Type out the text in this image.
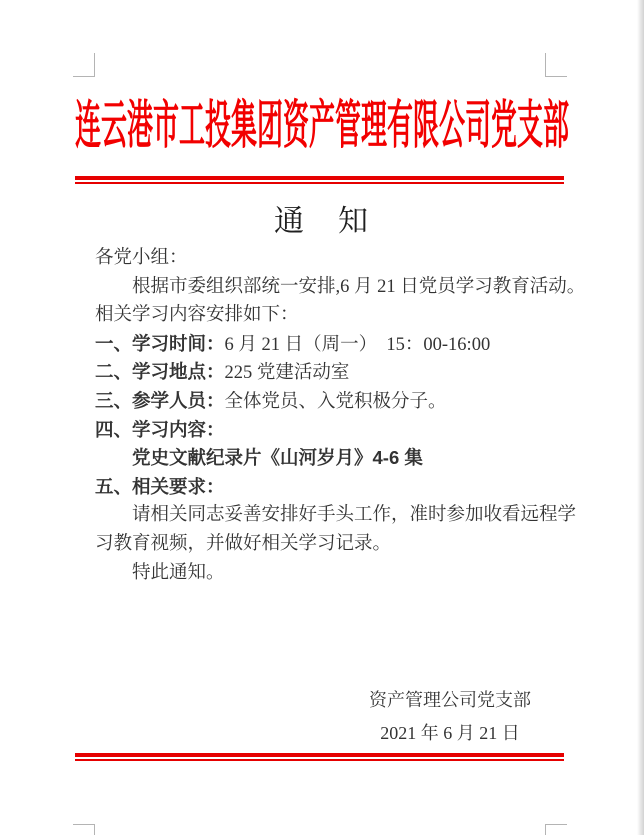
连云港市工投集团资产管理有限公司党支部
通　知
各党小组：
根据市委组织部统一安排,6 月 21 日党员学习教育活动。
相关学习内容安排如下：
一、学习时间：6 月 21 日（周一）　15：00-16:00
二、学习地点：225 党建活动室
三、参学人员：全体党员、入党积极分子。
四、学习内容：
党史文献纪录片《山河岁月》4-6 集
五、相关要求：
请相关同志妥善安排好手头工作，准时参加收看远程学
习教育视频，并做好相关学习记录。
特此通知。
资产管理公司党支部
2021 年 6 月 21 日
